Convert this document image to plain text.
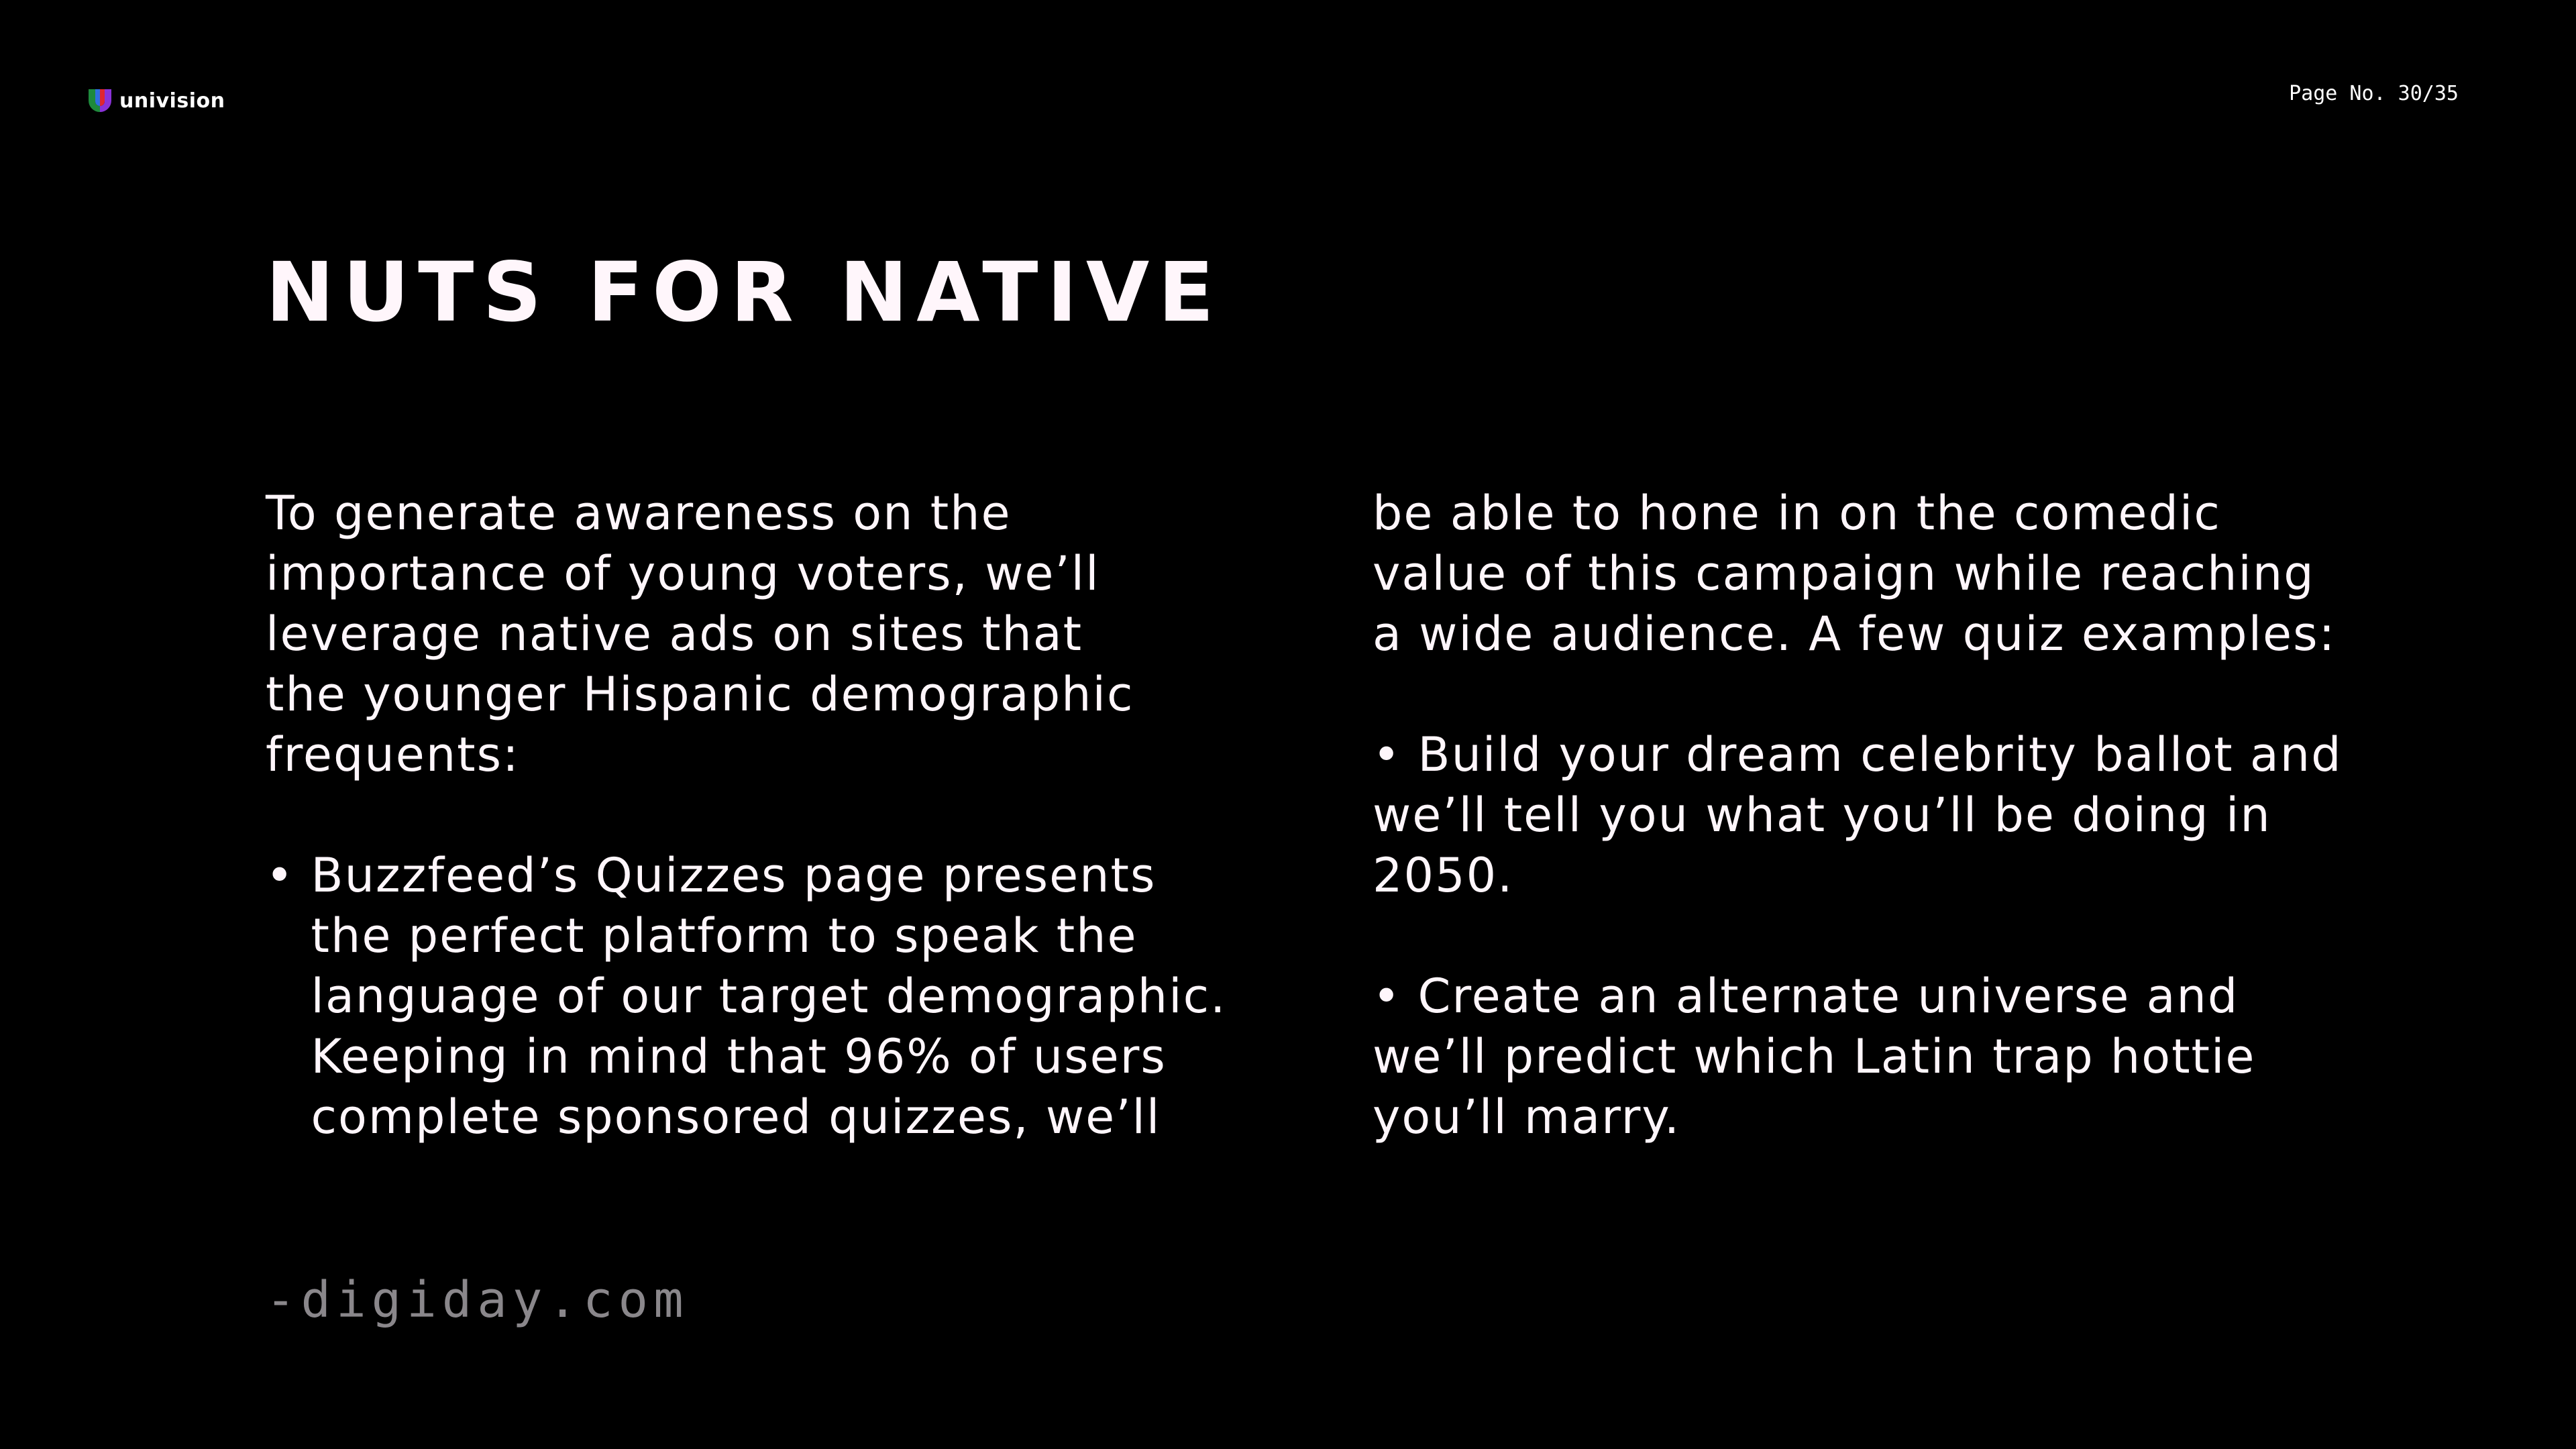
univision	Page No. 30/35
NUTS FOR NATIVE

To generate awareness on the
importance of young voters, we’ll
leverage native ads on sites that
the younger Hispanic demographic
frequents:

• Buzzfeed’s Quizzes page presents
the perfect platform to speak the
language of our target demographic.
Keeping in mind that 96% of users
complete sponsored quizzes, we’ll

be able to hone in on the comedic
value of this campaign while reaching
a wide audience. A few quiz examples:

• Build your dream celebrity ballot and
we’ll tell you what you’ll be doing in
2050.

• Create an alternate universe and
we’ll predict which Latin trap hottie
you’ll marry.

-digiday.com
